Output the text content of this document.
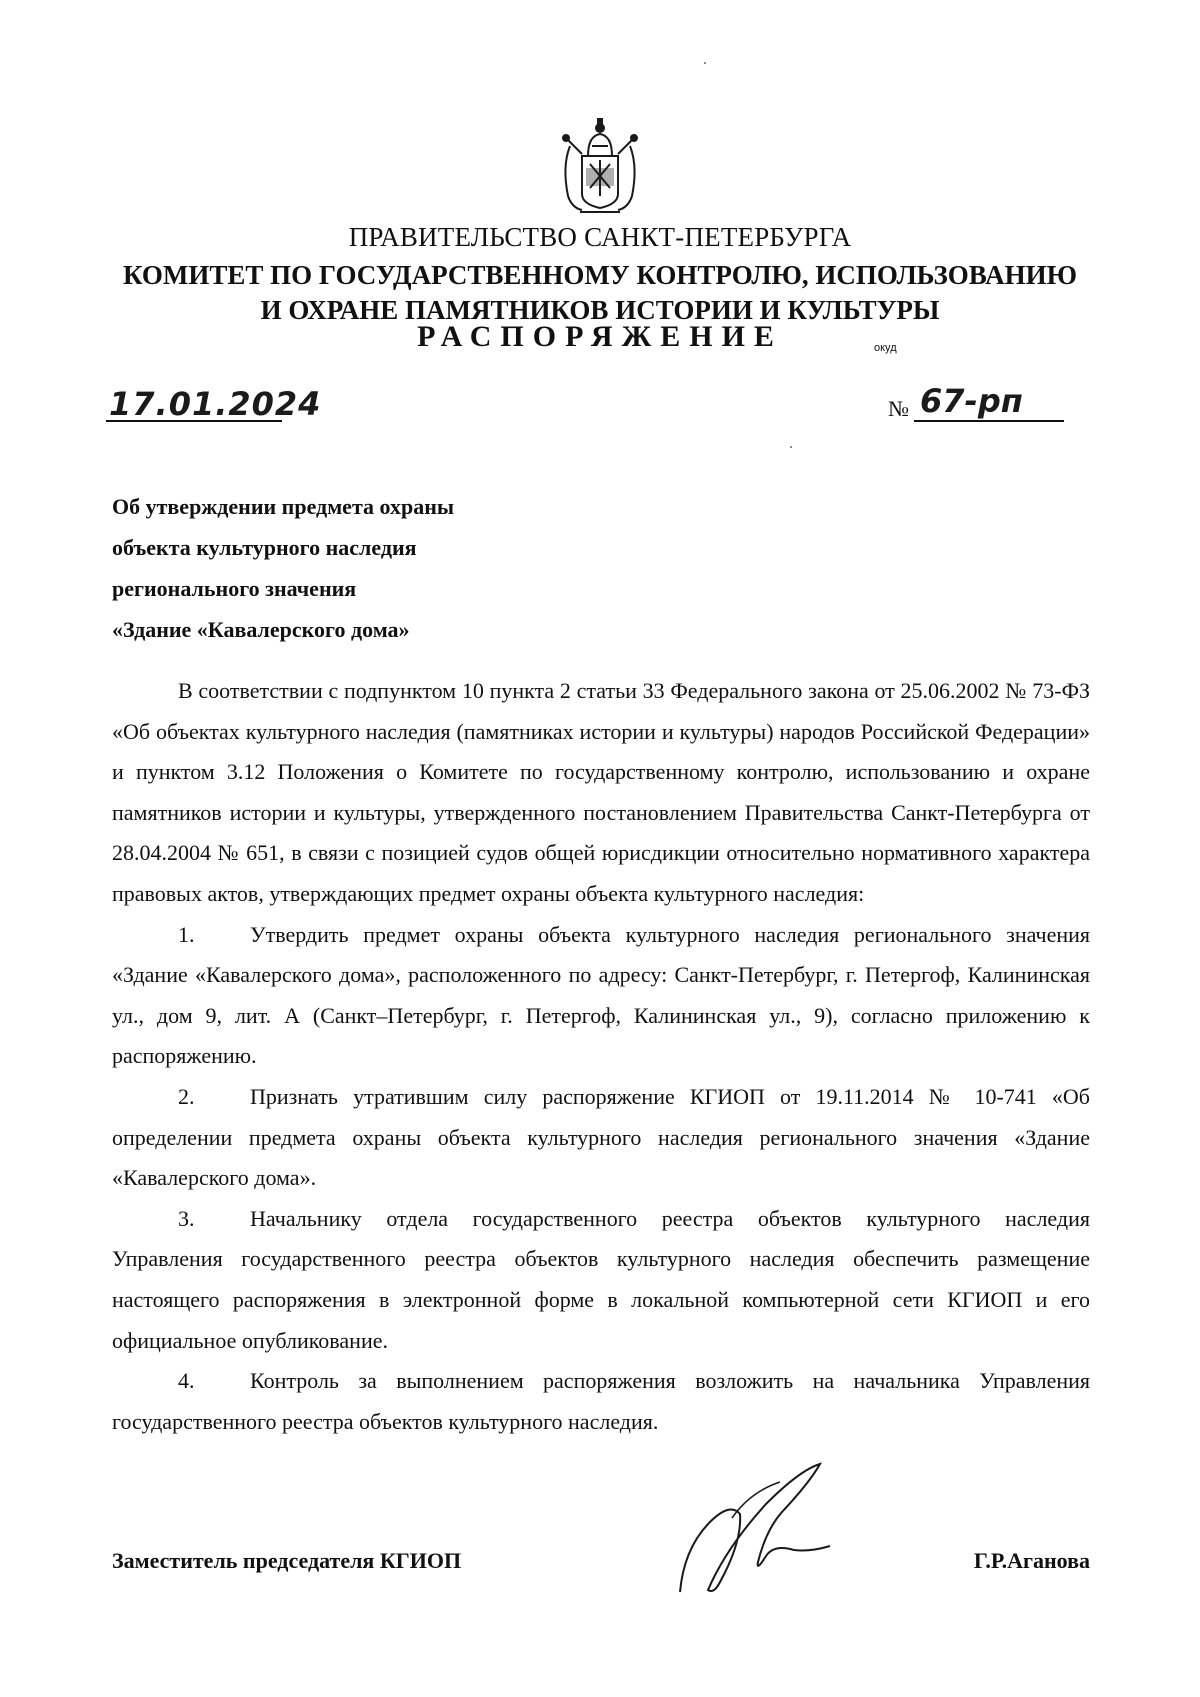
ПРАВИТЕЛЬСТВО САНКТ-ПЕТЕРБУРГА
КОМИТЕТ ПО ГОСУДАРСТВЕННОМУ КОНТРОЛЮ, ИСПОЛЬЗОВАНИЮ
И ОХРАНЕ ПАМЯТНИКОВ ИСТОРИИ И КУЛЬТУРЫ
РАСПОРЯЖЕНИЕ	окуд
17.01.2024	№ 67-рп
Об утверждении предмета охраны
объекта культурного наследия
регионального значения
«Здание «Кавалерского дома»

В соответствии с подпунктом 10 пункта 2 статьи 33 Федерального закона от 25.06.2002 № 73-ФЗ «Об объектах культурного наследия (памятниках истории и культуры) народов Российской Федерации» и пунктом 3.12 Положения о Комитете по государственному контролю, использованию и охране памятников истории и культуры, утвержденного постановлением Правительства Санкт-Петербурга от 28.04.2004 № 651, в связи с позицией судов общей юрисдикции относительно нормативного характера правовых актов, утверждающих предмет охраны объекта культурного наследия:

1.	Утвердить предмет охраны объекта культурного наследия регионального значения «Здание «Кавалерского дома», расположенного по адресу: Санкт-Петербург, г. Петергоф, Калининская ул., дом 9, лит. А (Санкт–Петербург, г. Петергоф, Калининская ул., 9), согласно приложению к распоряжению.

2.	Признать утратившим силу распоряжение КГИОП от 19.11.2014 № 10-741 «Об определении предмета охраны объекта культурного наследия регионального значения «Здание «Кавалерского дома».

3.	Начальнику отдела государственного реестра объектов культурного наследия Управления государственного реестра объектов культурного наследия обеспечить размещение настоящего распоряжения в электронной форме в локальной компьютерной сети КГИОП и его официальное опубликование.

4.	Контроль за выполнением распоряжения возложить на начальника Управления государственного реестра объектов культурного наследия.

Заместитель председателя КГИОП	Г.Р.Аганова
